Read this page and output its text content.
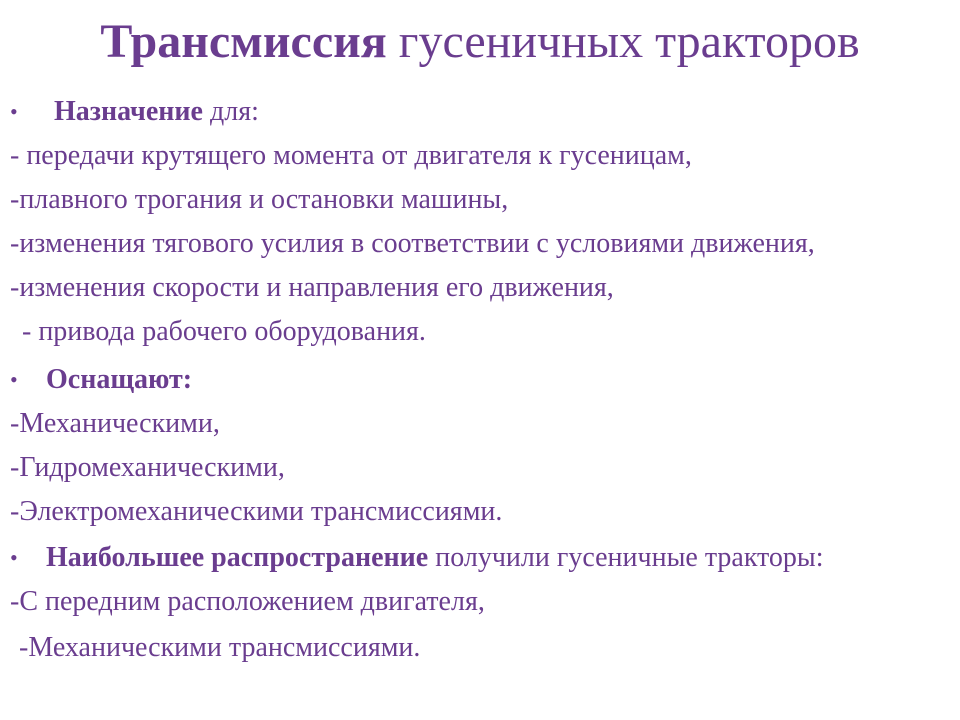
Трансмиссия гусеничных тракторов
• Назначение для:
- передачи крутящего момента от двигателя к гусеницам,
-плавного трогания и остановки машины,
-изменения тягового усилия в соответствии с условиями движения,
-изменения скорости и направления его движения,
- привода рабочего оборудования.
• Оснащают:
-Механическими,
-Гидромеханическими,
-Электромеханическими трансмиссиями.
• Наибольшее распространение получили гусеничные тракторы:
-С передним расположением двигателя,
-Механическими трансмиссиями.
